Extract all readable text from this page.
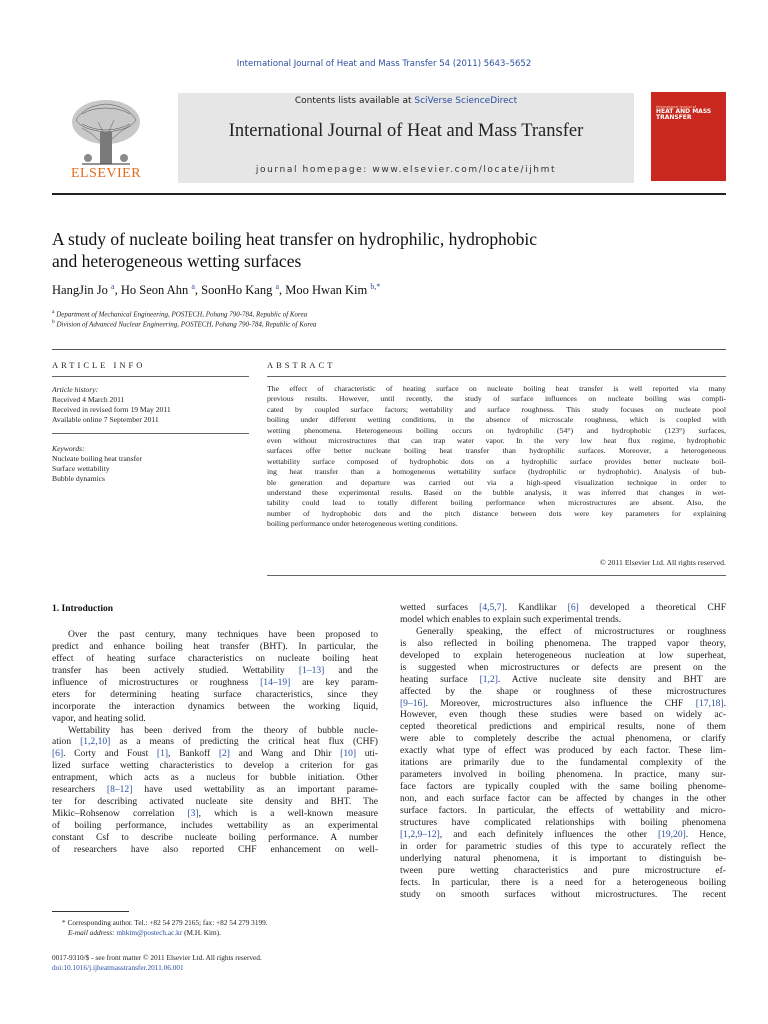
International Journal of Heat and Mass Transfer 54 (2011) 5643–5652
Contents lists available at SciVerse ScienceDirect
International Journal of Heat and Mass Transfer
journal homepage: www.elsevier.com/locate/ijhmt
ELSEVIER
International Journal of
HEAT AND MASS TRANSFER
A study of nucleate boiling heat transfer on hydrophilic, hydrophobic
and heterogeneous wetting surfaces
HangJin Jo $^a$, Ho Seon Ahn $^a$, SoonHo Kang $^a$, Moo Hwan Kim $^{b,*}$
$^a$ Department of Mechanical Engineering, POSTECH, Pohang 790-784, Republic of Korea
$^b$ Division of Advanced Nuclear Engineering, POSTECH, Pohang 790-784, Republic of Korea
ARTICLE INFO
Article history:
Received 4 March 2011
Received in revised form 19 May 2011
Available online 7 September 2011
Keywords:
Nucleate boiling heat transfer
Surface wettability
Bubble dynamics
ABSTRACT
The effect of characteristic of heating surface on nucleate boiling heat transfer is well reported via many
previous results. However, until recently, the study of surface influences on nucleate boiling was compli-
cated by coupled surface factors; wettability and surface roughness. This study focuses on nucleate pool
boiling under different wetting conditions, in the absence of microscale roughness, which is coupled with
wetting phenomena. Heterogeneous boiling occurs on hydrophilic (54°) and hydrophobic (123°) surfaces,
even without microstructures that can trap water vapor. In the very low heat flux regime, hydrophobic
surfaces offer better nucleate boiling heat transfer than hydrophilic surfaces. Moreover, a heterogeneous
wettability surface composed of hydrophobic dots on a hydrophilic surface provides better nucleate boil-
ing heat transfer than a homogeneous wettability surface (hydrophilic or hydrophobic). Analysis of bub-
ble generation and departure was carried out via a high-speed visualization technique in order to
understand these experimental results. Based on the bubble analysis, it was inferred that changes in wet-
tability could lead to totally different boiling performance when microstructures are absent. Also, the
number of hydrophobic dots and the pitch distance between dots were key parameters for explaining
boiling performance under heterogeneous wetting conditions.
© 2011 Elsevier Ltd. All rights reserved.
1. Introduction
Over the past century, many techniques have been proposed to
predict and enhance boiling heat transfer (BHT). In particular, the
effect of heating surface characteristics on nucleate boiling heat
transfer has been actively studied. Wettability [1–13] and the
influence of microstructures or roughness [14–19] are key param-
eters for determining heating surface characteristics, since they
incorporate the interaction dynamics between the working liquid,
vapor, and heating solid.
Wettability has been derived from the theory of bubble nucle-
ation [1,2,10] as a means of predicting the critical heat flux (CHF)
[6]. Corty and Foust [1], Bankoff [2] and Wang and Dhir [10] uti-
lized surface wetting characteristics to develop a criterion for gas
entrapment, which acts as a nucleus for bubble initiation. Other
researchers [8–12] have used wettability as an important parame-
ter for describing activated nucleate site density and BHT. The
Mikic–Rohsenow correlation [3], which is a well-known measure
of boiling performance, includes wettability as an experimental
constant Csf to describe nucleate boiling performance. A number
of researchers have also reported CHF enhancement on well-
wetted surfaces [4,5,7]. Kandlikar [6] developed a theoretical CHF
model which enables to explain such experimental trends.
Generally speaking, the effect of microstructures or roughness
is also reflected in boiling phenomena. The trapped vapor theory,
developed to explain heterogeneous nucleation at low superheat,
is suggested when microstructures or defects are present on the
heating surface [1,2]. Active nucleate site density and BHT are
affected by the shape or roughness of these microstructures
[9–16]. Moreover, microstructures also influence the CHF [17,18].
However, even though these studies were based on widely ac-
cepted theoretical predictions and empirical results, none of them
were able to completely describe the actual phenomena, or clarify
exactly what type of effect was produced by each factor. These lim-
itations are primarily due to the fundamental complexity of the
parameters involved in boiling phenomena. In practice, many sur-
face factors are typically coupled with the same boiling phenome-
non, and each surface factor can be affected by changes in the other
surface factors. In particular, the effects of wettability and micro-
structures have complicated relationships with boiling phenomena
[1,2,9–12], and each definitely influences the other [19,20]. Hence,
in order for parametric studies of this type to accurately reflect the
underlying natural phenomena, it is important to distinguish be-
tween pure wetting characteristics and pure microstructure ef-
fects. In particular, there is a need for a heterogeneous boiling
study on smooth surfaces without microstructures. The recent
* Corresponding author. Tel.: +82 54 279 2165; fax: +82 54 279 3199.
E-mail address: mhkim@postech.ac.kr (M.H. Kim).
0017-9310/$ - see front matter © 2011 Elsevier Ltd. All rights reserved.
doi:10.1016/j.ijheatmasstransfer.2011.06.001
